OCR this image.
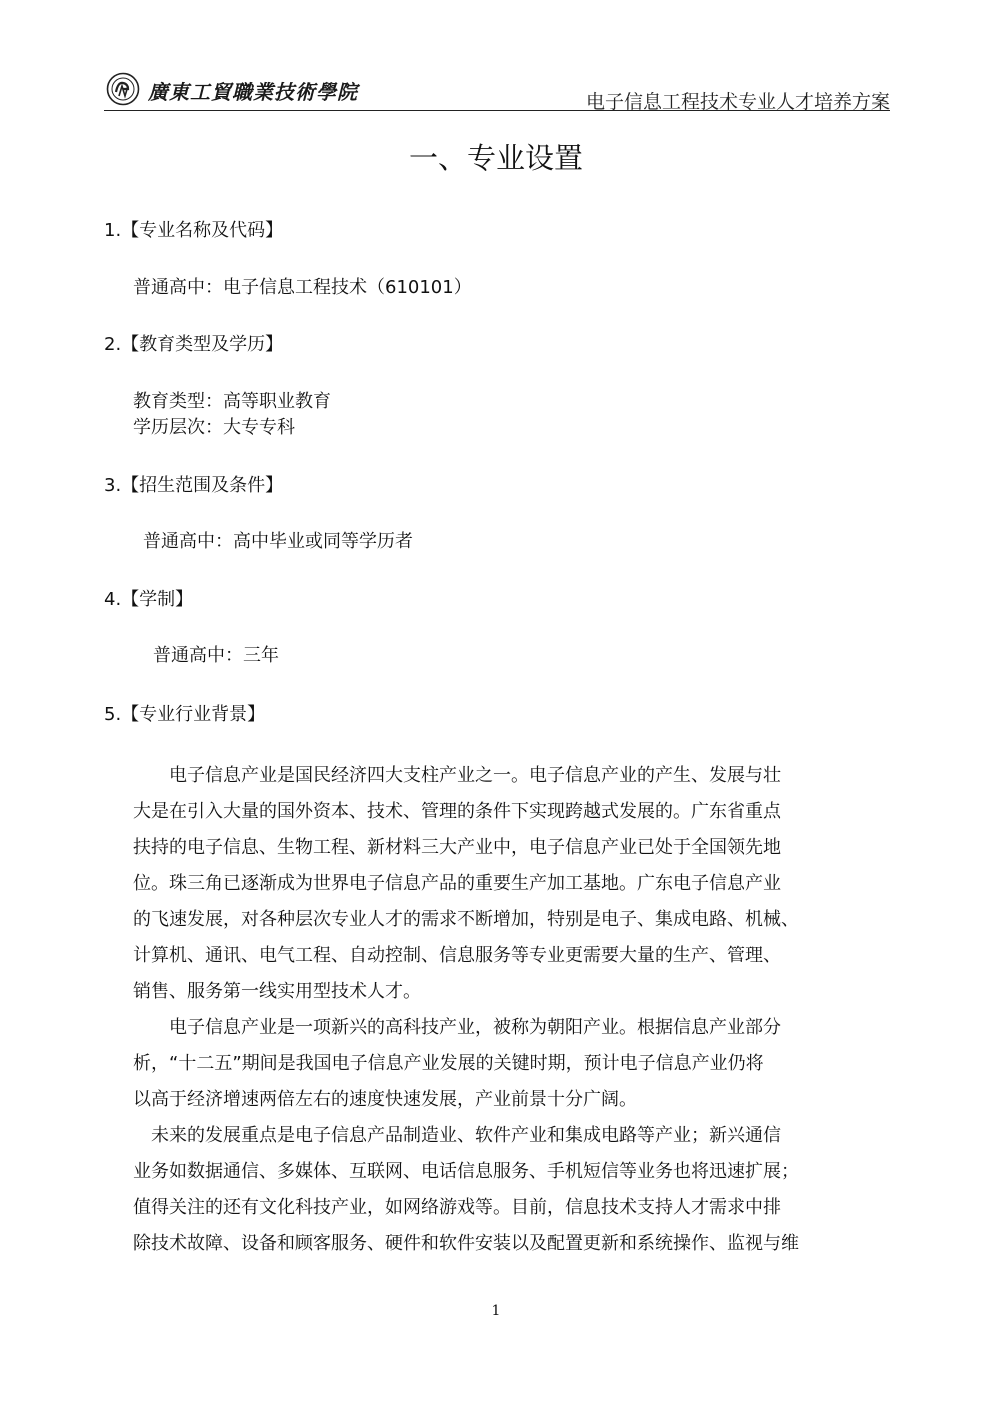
廣東工貿職業技術學院	电子信息工程技术专业人才培养方案
一、专业设置
1.【专业名称及代码】
普通高中：电子信息工程技术（610101）
2.【教育类型及学历】
教育类型：高等职业教育
学历层次：大专专科
3.【招生范围及条件】
普通高中：高中毕业或同等学历者
4.【学制】
普通高中：三年
5.【专业行业背景】
　　电子信息产业是国民经济四大支柱产业之一。电子信息产业的产生、发展与壮
大是在引入大量的国外资本、技术、管理的条件下实现跨越式发展的。广东省重点
扶持的电子信息、生物工程、新材料三大产业中，电子信息产业已处于全国领先地
位。珠三角已逐渐成为世界电子信息产品的重要生产加工基地。广东电子信息产业
的飞速发展，对各种层次专业人才的需求不断增加，特别是电子、集成电路、机械、
计算机、通讯、电气工程、自动控制、信息服务等专业更需要大量的生产、管理、
销售、服务第一线实用型技术人才。
　　电子信息产业是一项新兴的高科技产业，被称为朝阳产业。根据信息产业部分
析，“十二五”期间是我国电子信息产业发展的关键时期，预计电子信息产业仍将
以高于经济增速两倍左右的速度快速发展，产业前景十分广阔。
　未来的发展重点是电子信息产品制造业、软件产业和集成电路等产业；新兴通信
业务如数据通信、多媒体、互联网、电话信息服务、手机短信等业务也将迅速扩展；
值得关注的还有文化科技产业，如网络游戏等。目前，信息技术支持人才需求中排
除技术故障、设备和顾客服务、硬件和软件安装以及配置更新和系统操作、监视与维
1
